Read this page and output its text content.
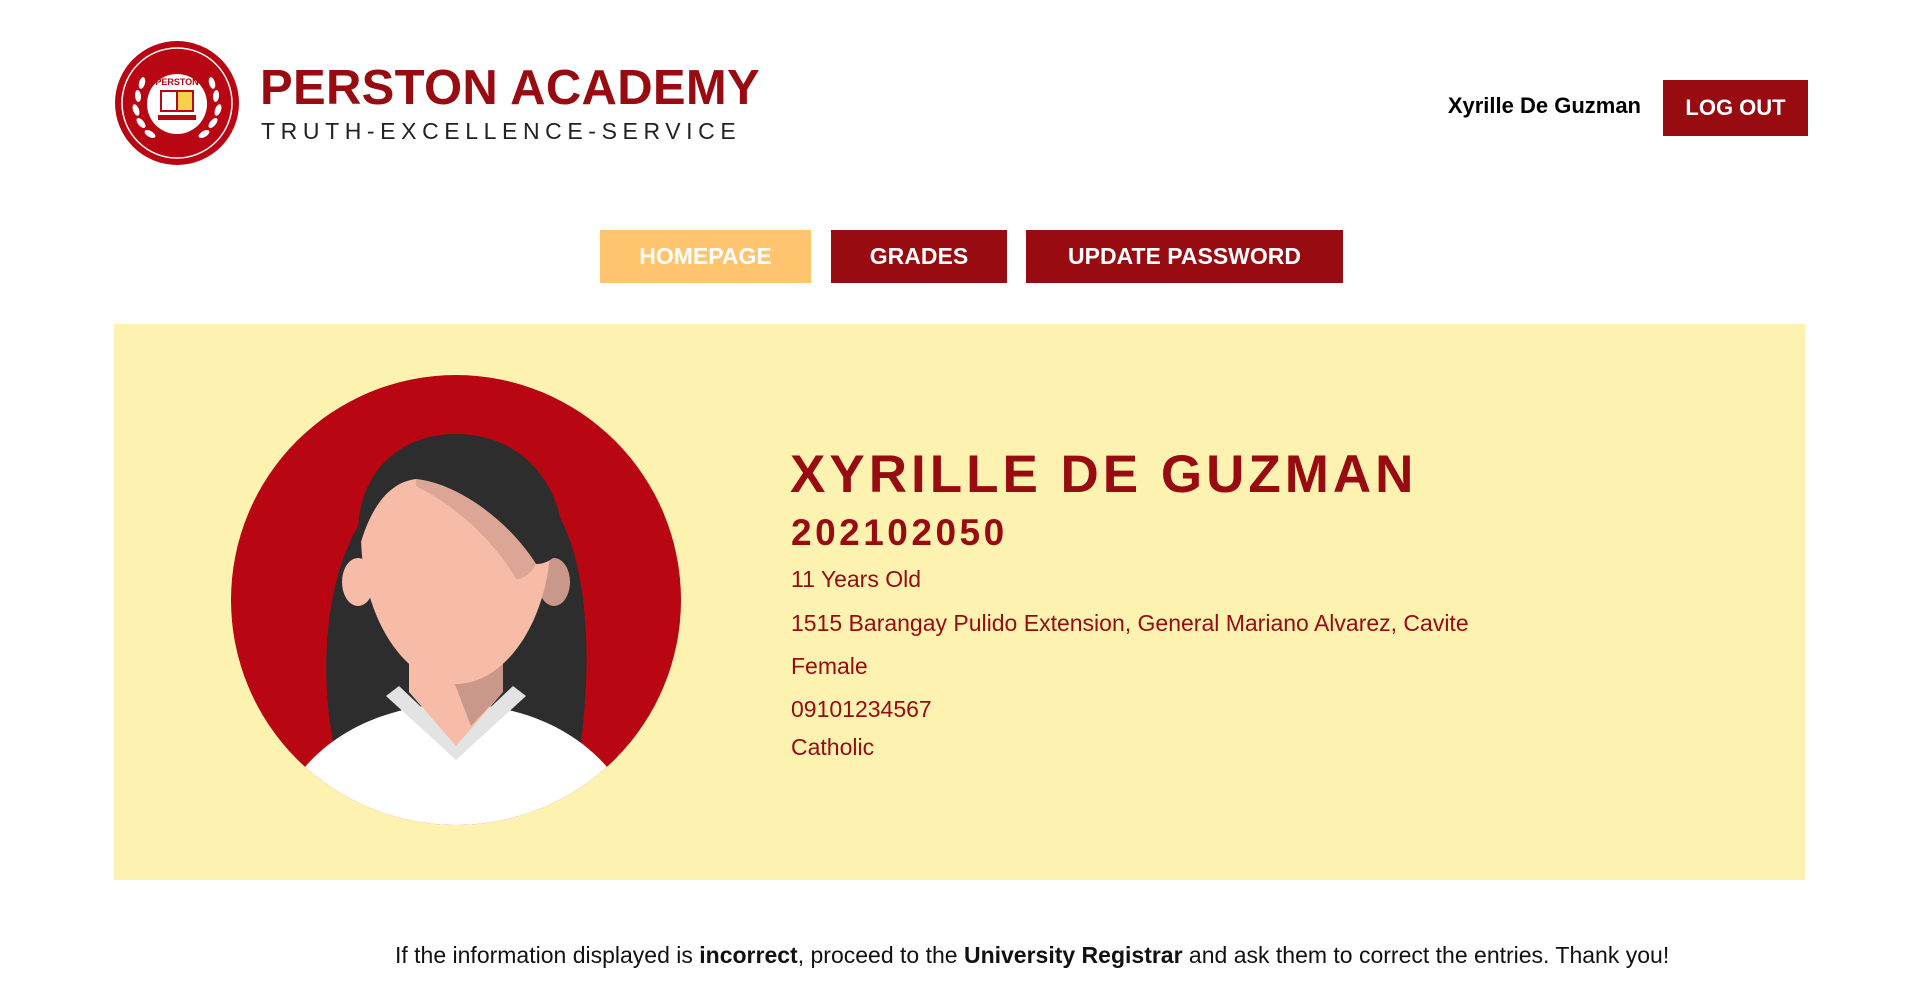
PERSTON PERSTON ACADEMY
TRUTH-EXCELLENCE-SERVICE
Xyrille De Guzman	LOG OUT
HOMEPAGE	GRADES	UPDATE PASSWORD
XYRILLE DE GUZMAN
202102050
11 Years Old
1515 Barangay Pulido Extension, General Mariano Alvarez, Cavite
Female
09101234567
Catholic
If the information displayed is incorrect, proceed to the University Registrar and ask them to correct the entries. Thank you!
